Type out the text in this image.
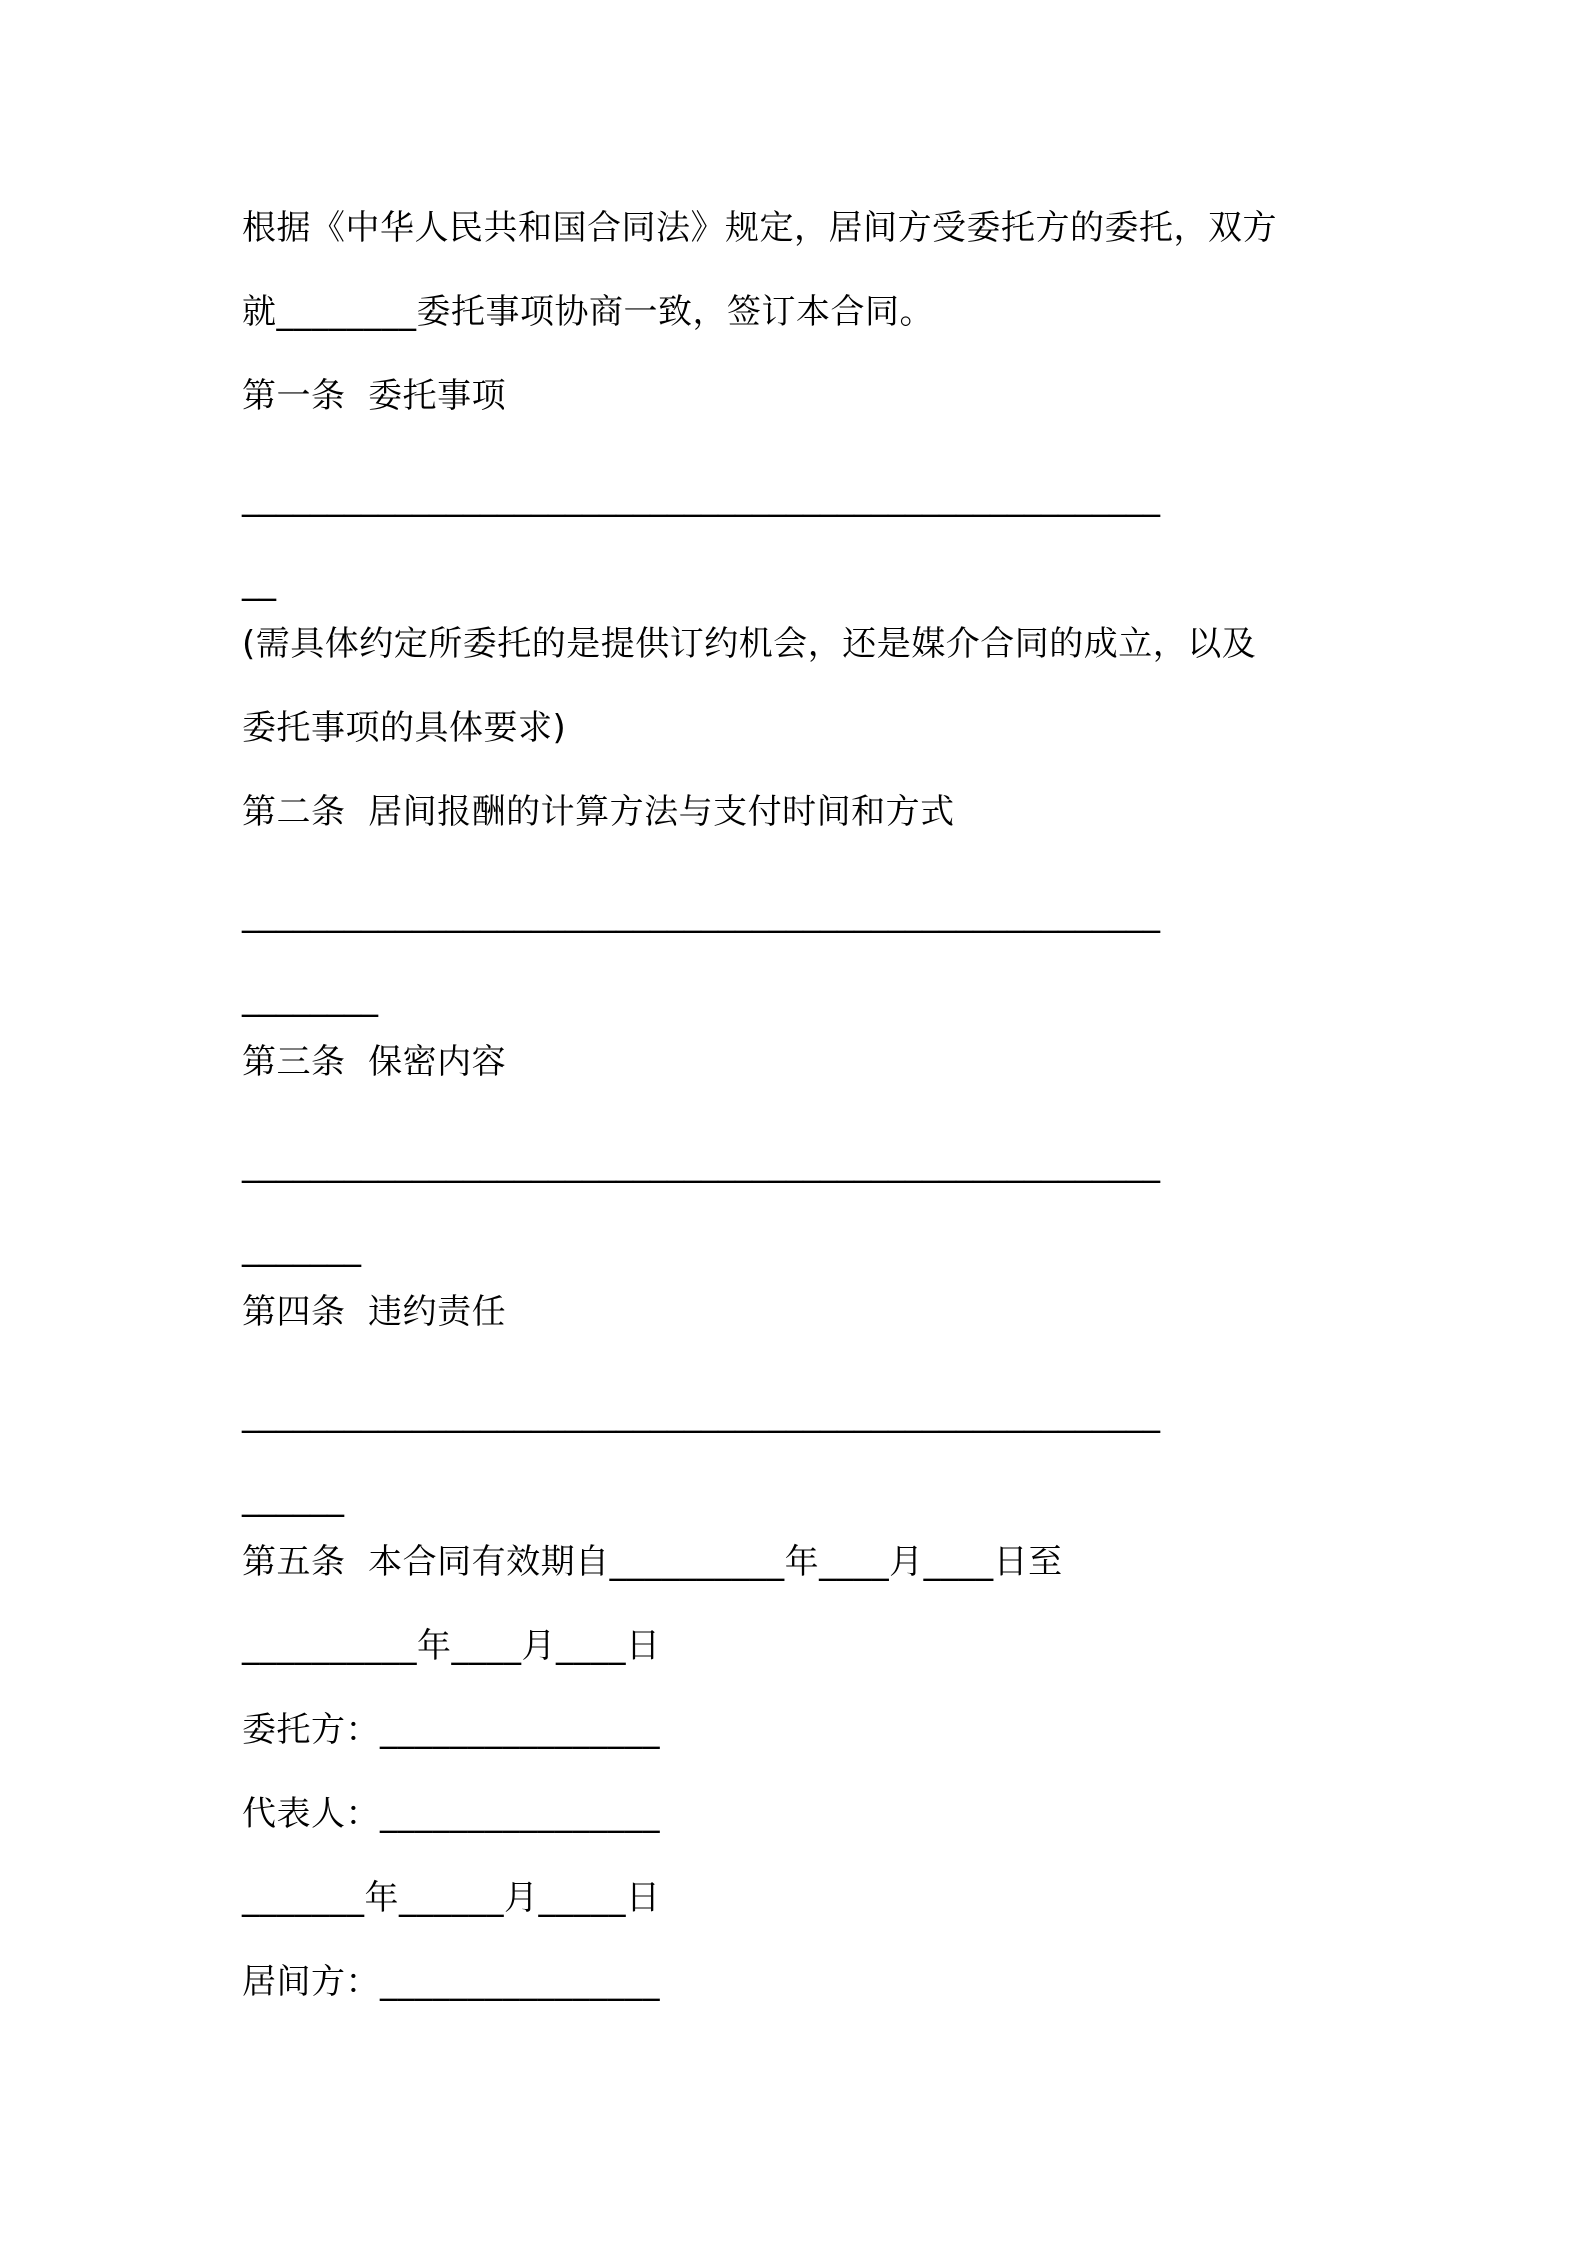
根据《中华人民共和国合同法》规定，居间方受委托方的委托，双方
就________委托事项协商一致，签订本合同。
第一条  委托事项
______________________________________________________
__
(需具体约定所委托的是提供订约机会，还是媒介合同的成立，以及
委托事项的具体要求)
第二条  居间报酬的计算方法与支付时间和方式
______________________________________________________
________
第三条  保密内容
______________________________________________________
_______
第四条  违约责任
______________________________________________________
______
第五条  本合同有效期自__________年____月____日至
__________年____月____日
委托方：________________
代表人：________________
_______年______月_____日
居间方：________________
